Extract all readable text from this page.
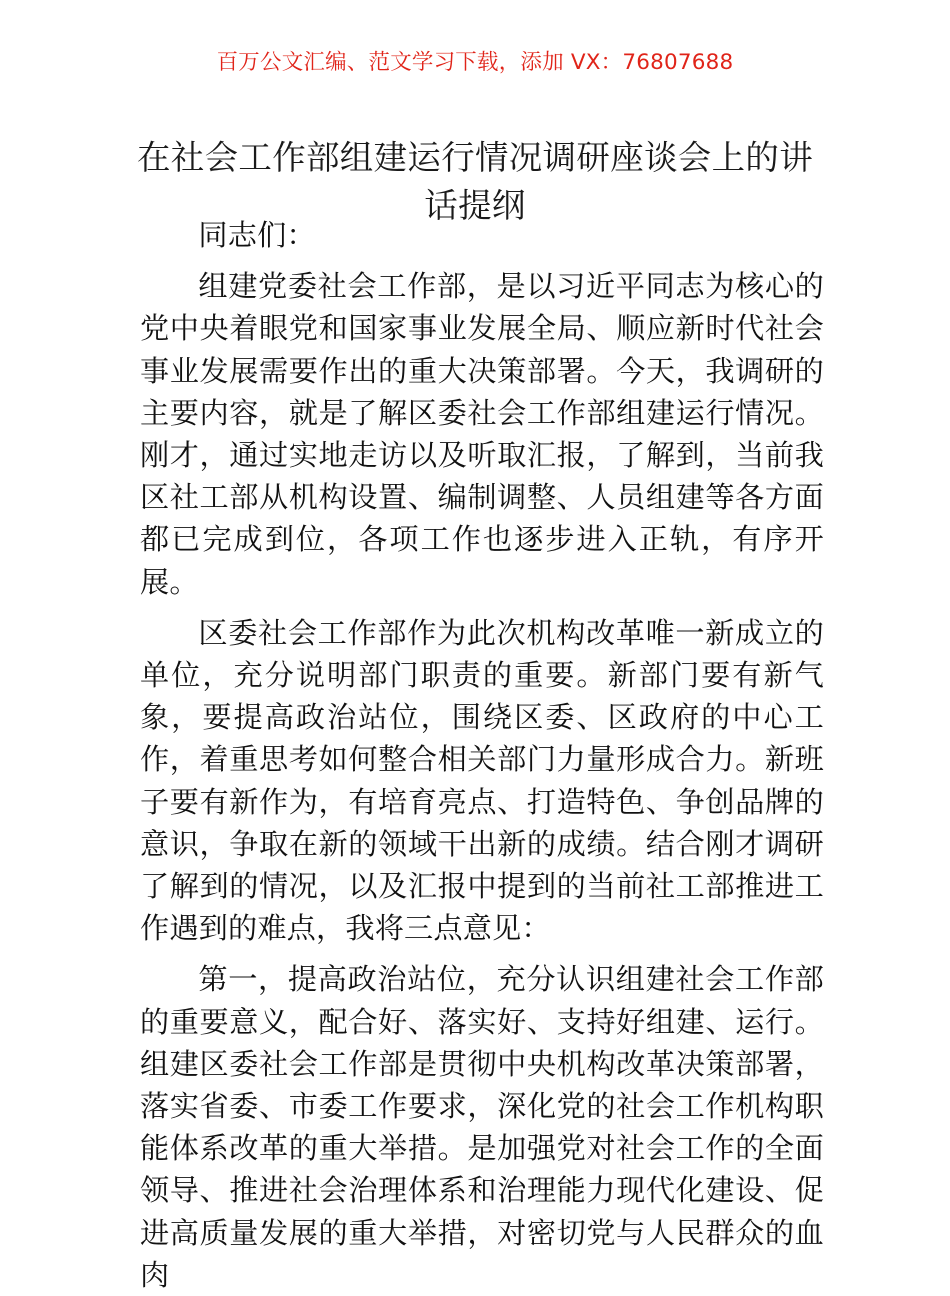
百万公文汇编、范文学习下载，添加 VX：76807688
在社会工作部组建运行情况调研座谈会上的讲话提纲

同志们：

组建党委社会工作部，是以习近平同志为核心的党中央着眼党和国家事业发展全局、顺应新时代社会事业发展需要作出的重大决策部署。今天，我调研的主要内容，就是了解区委社会工作部组建运行情况。刚才，通过实地走访以及听取汇报，了解到，当前我区社工部从机构设置、编制调整、人员组建等各方面都已完成到位，各项工作也逐步进入正轨，有序开展。

区委社会工作部作为此次机构改革唯一新成立的单位，充分说明部门职责的重要。新部门要有新气象，要提高政治站位，围绕区委、区政府的中心工作，着重思考如何整合相关部门力量形成合力。新班子要有新作为，有培育亮点、打造特色、争创品牌的意识，争取在新的领域干出新的成绩。结合刚才调研了解到的情况，以及汇报中提到的当前社工部推进工作遇到的难点，我将三点意见：

第一，提高政治站位，充分认识组建社会工作部的重要意义，配合好、落实好、支持好组建、运行。组建区委社会工作部是贯彻中央机构改革决策部署，落实省委、市委工作要求，深化党的社会工作机构职能体系改革的重大举措。是加强党对社会工作的全面领导、推进社会治理体系和治理能力现代化建设、促进高质量发展的重大举措，对密切党与人民群众的血肉
